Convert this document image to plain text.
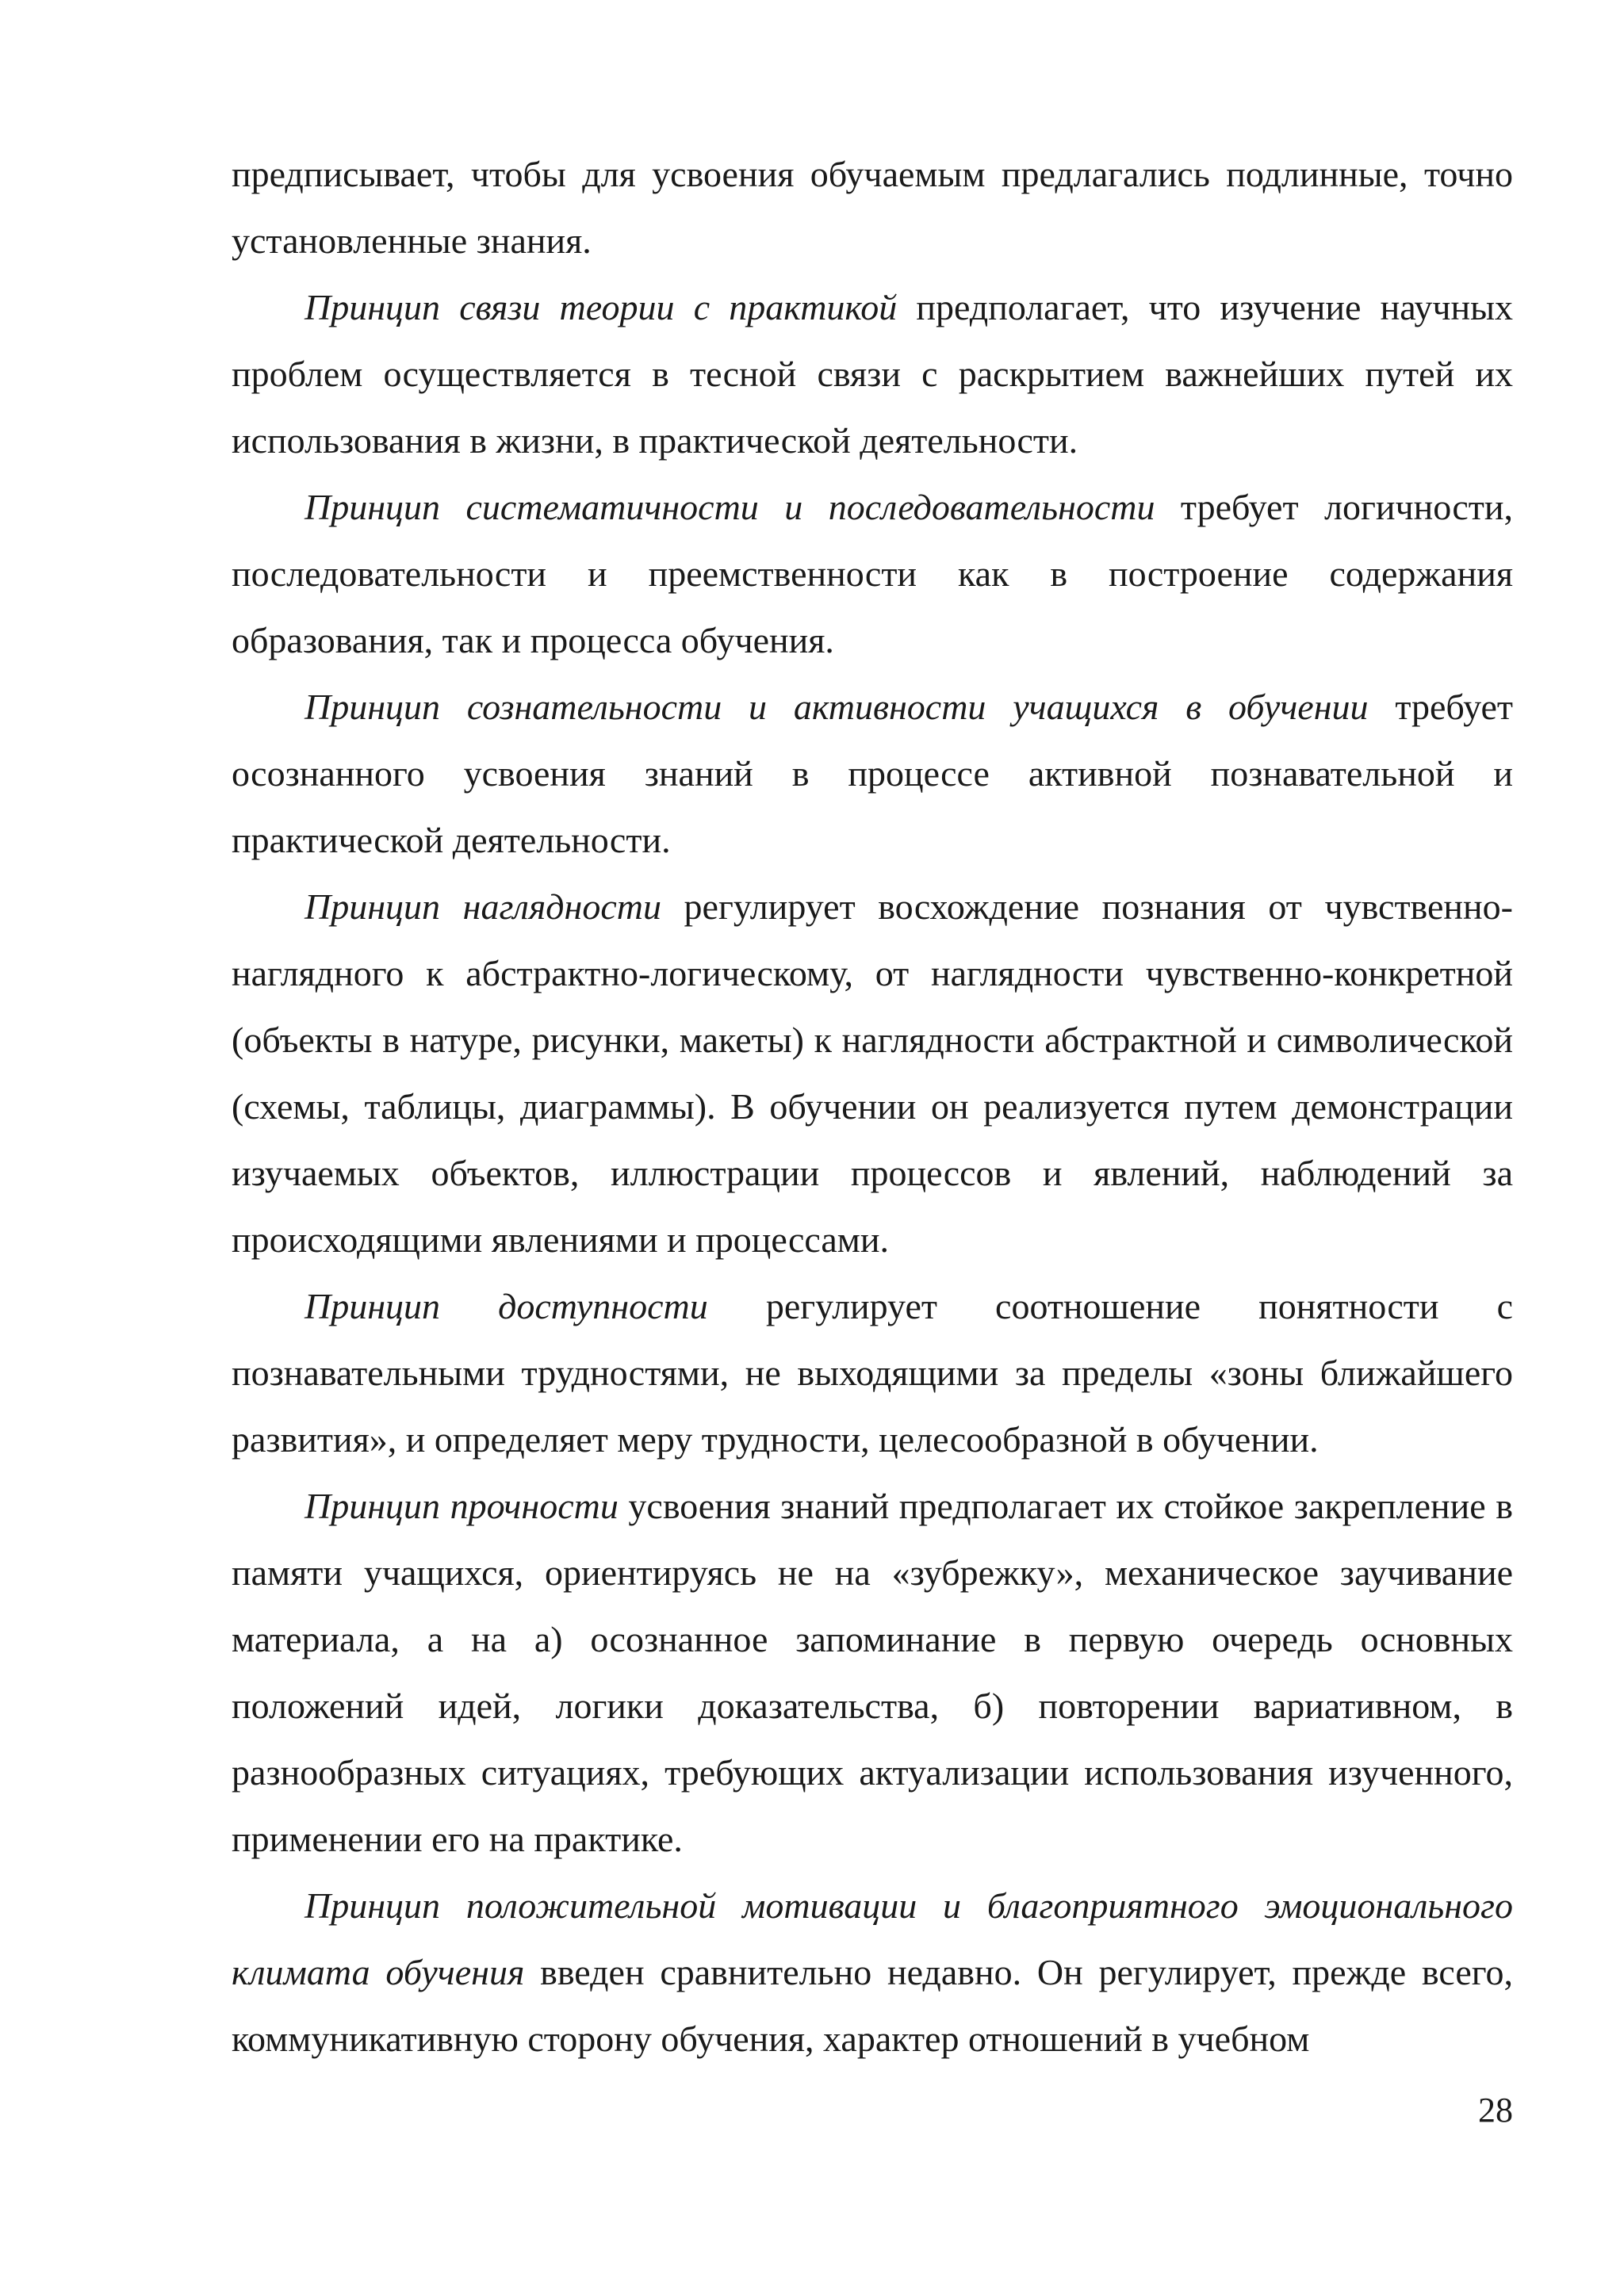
предписывает, чтобы для усвоения обучаемым предлагались подлинные, точно установленные знания.

Принцип связи теории с практикой предполагает, что изучение научных проблем осуществляется в тесной связи с раскрытием важнейших путей их использования в жизни, в практической деятельности.

Принцип систематичности и последовательности требует логичности, последовательности и преемственности как в построение содержания образования, так и процесса обучения.

Принцип сознательности и активности учащихся в обучении требует осознанного усвоения знаний в процессе активной познавательной и практической деятельности.

Принцип наглядности регулирует восхождение познания от чувственно-наглядного к абстрактно-логическому, от наглядности чувственно-конкретной (объекты в натуре, рисунки, макеты) к наглядности абстрактной и символической (схемы, таблицы, диаграммы). В обучении он реализуется путем демонстрации изучаемых объектов, иллюстрации процессов и явлений, наблюдений за происходящими явлениями и процессами.

Принцип доступности регулирует соотношение понятности с познавательными трудностями, не выходящими за пределы «зоны ближайшего развития», и определяет меру трудности, целесообразной в обучении.

Принцип прочности усвоения знаний предполагает их стойкое закрепление в памяти учащихся, ориентируясь не на «зубрежку», механическое заучивание материала, а на а) осознанное запоминание в первую очередь основных положений идей, логики доказательства, б) повторении вариативном, в разнообразных ситуациях, требующих актуализации использования изученного, применении его на практике.

Принцип положительной мотивации и благоприятного эмоционального климата обучения введен сравнительно недавно. Он регулирует, прежде всего, коммуникативную сторону обучения, характер отношений в учебном

28
